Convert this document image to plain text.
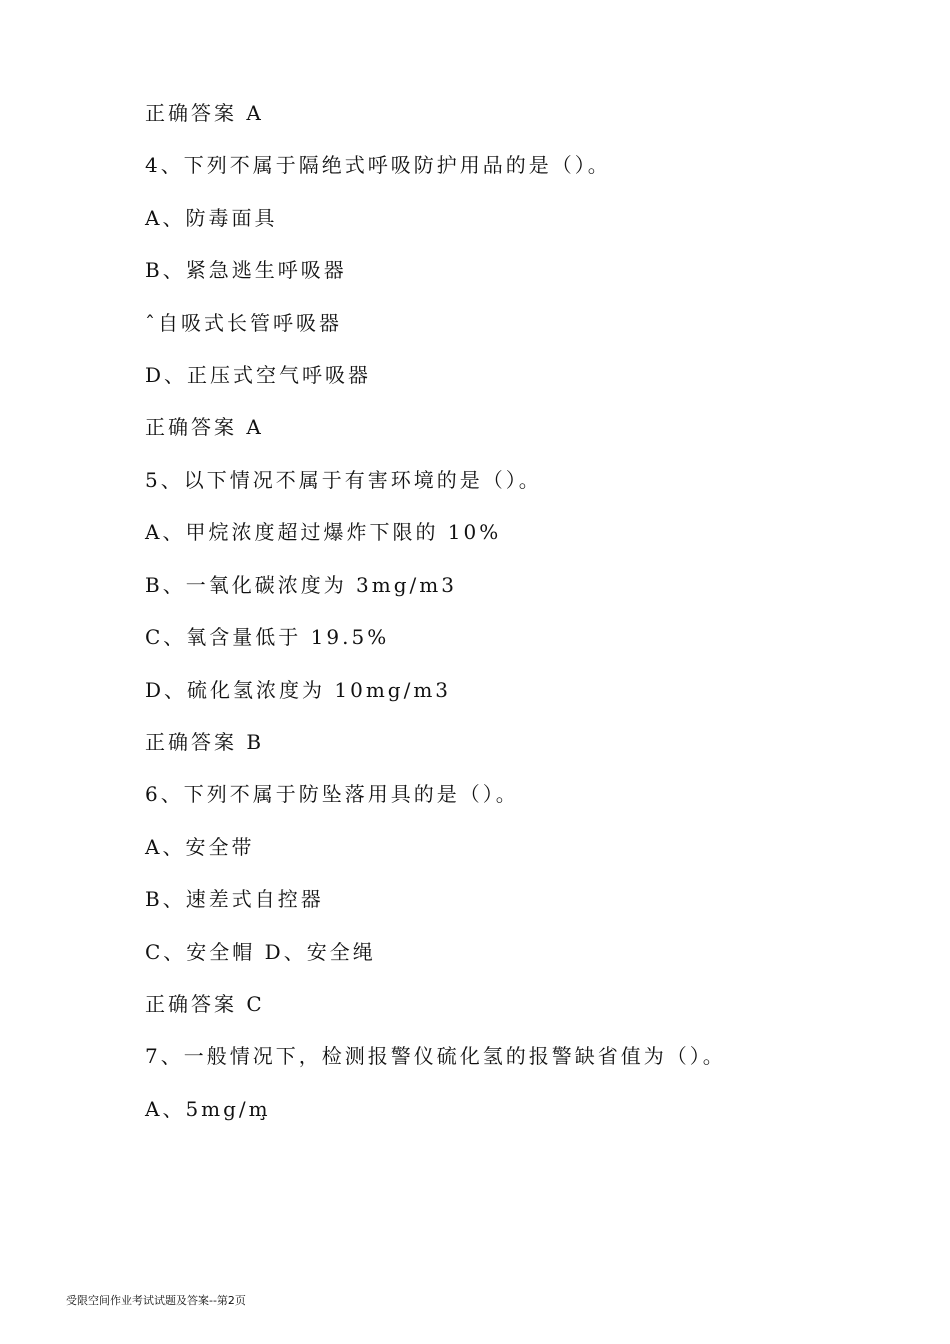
正确答案 A
4、下列不属于隔绝式呼吸防护用品的是（）。
A、防毒面具
B、紧急逃生呼吸器
ˆ自吸式长管呼吸器
D、正压式空气呼吸器
正确答案 A
5、以下情况不属于有害环境的是（）。
A、甲烷浓度超过爆炸下限的 10%
B、一氧化碳浓度为 3mg/m3
C、氧含量低于 19.5%
D、硫化氢浓度为 10mg/m3
正确答案 B
6、下列不属于防坠落用具的是（）。
A、安全带
B、速差式自控器
C、安全帽 D、安全绳
正确答案 C
7、一般情况下，检测报警仪硫化氢的报警缺省值为（）。
A、5mg/m̧
受限空间作业考试试题及答案--第2页
